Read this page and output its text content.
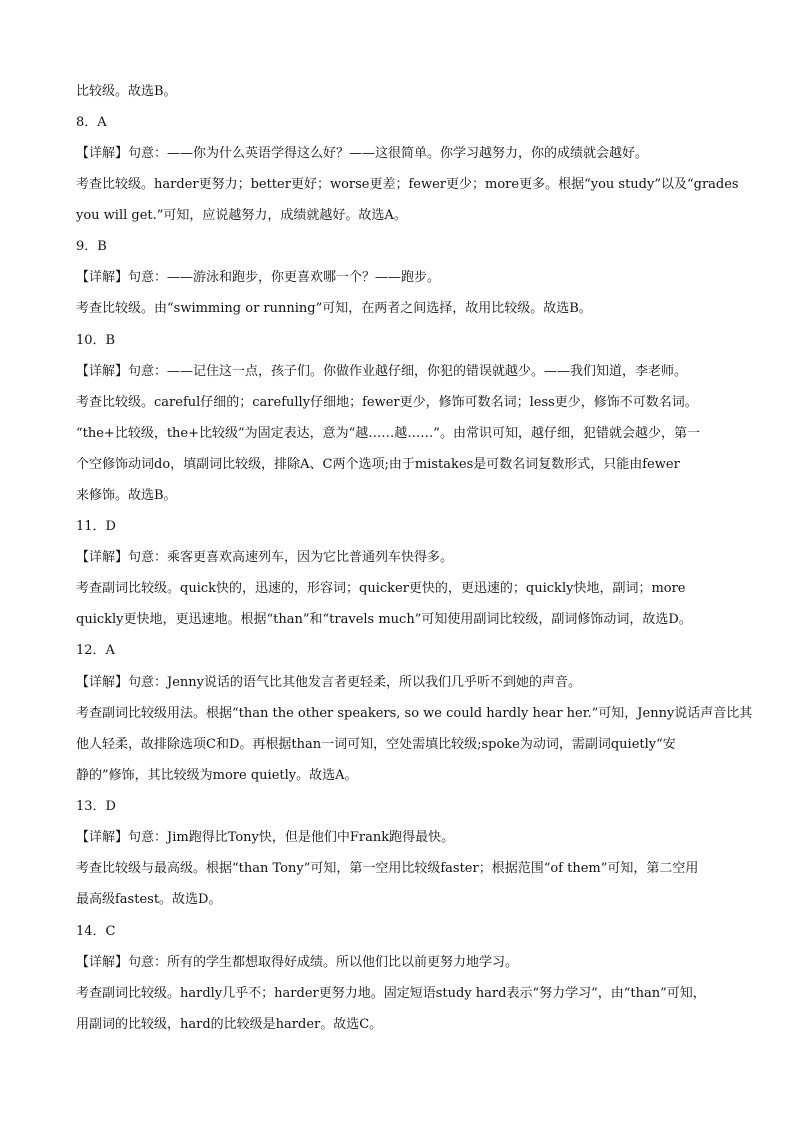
比较级。故选B。
8．A
【详解】句意：——你为什么英语学得这么好？——这很简单。你学习越努力，你的成绩就会越好。
考查比较级。harder更努力；better更好；worse更差；fewer更少；more更多。根据“you study”以及“grades
you will get.”可知，应说越努力，成绩就越好。故选A。
9．B
【详解】句意：——游泳和跑步，你更喜欢哪一个？——跑步。
考查比较级。由“swimming or running”可知，在两者之间选择，故用比较级。故选B。
10．B
【详解】句意：——记住这一点，孩子们。你做作业越仔细，你犯的错误就越少。——我们知道，李老师。
考查比较级。careful仔细的；carefully仔细地；fewer更少，修饰可数名词；less更少，修饰不可数名词。
“the+比较级，the+比较级”为固定表达，意为“越……越……”。由常识可知，越仔细，犯错就会越少，第一
个空修饰动词do，填副词比较级，排除A、C两个选项;由于mistakes是可数名词复数形式，只能由fewer
来修饰。故选B。
11．D
【详解】句意：乘客更喜欢高速列车，因为它比普通列车快得多。
考查副词比较级。quick快的，迅速的，形容词；quicker更快的，更迅速的；quickly快地，副词；more
quickly更快地，更迅速地。根据“than”和“travels much”可知使用副词比较级，副词修饰动词，故选D。
12．A
【详解】句意：Jenny说话的语气比其他发言者更轻柔，所以我们几乎听不到她的声音。
考查副词比较级用法。根据“than the other speakers, so we could hardly hear her.”可知，Jenny说话声音比其
他人轻柔，故排除选项C和D。再根据than一词可知，空处需填比较级;spoke为动词，需副词quietly“安
静的”修饰，其比较级为more quietly。故选A。
13．D
【详解】句意：Jim跑得比Tony快，但是他们中Frank跑得最快。
考查比较级与最高级。根据“than Tony”可知，第一空用比较级faster；根据范围“of them”可知，第二空用
最高级fastest。故选D。
14．C
【详解】句意：所有的学生都想取得好成绩。所以他们比以前更努力地学习。
考查副词比较级。hardly几乎不；harder更努力地。固定短语study hard表示“努力学习”，由“than”可知，
用副词的比较级，hard的比较级是harder。故选C。
